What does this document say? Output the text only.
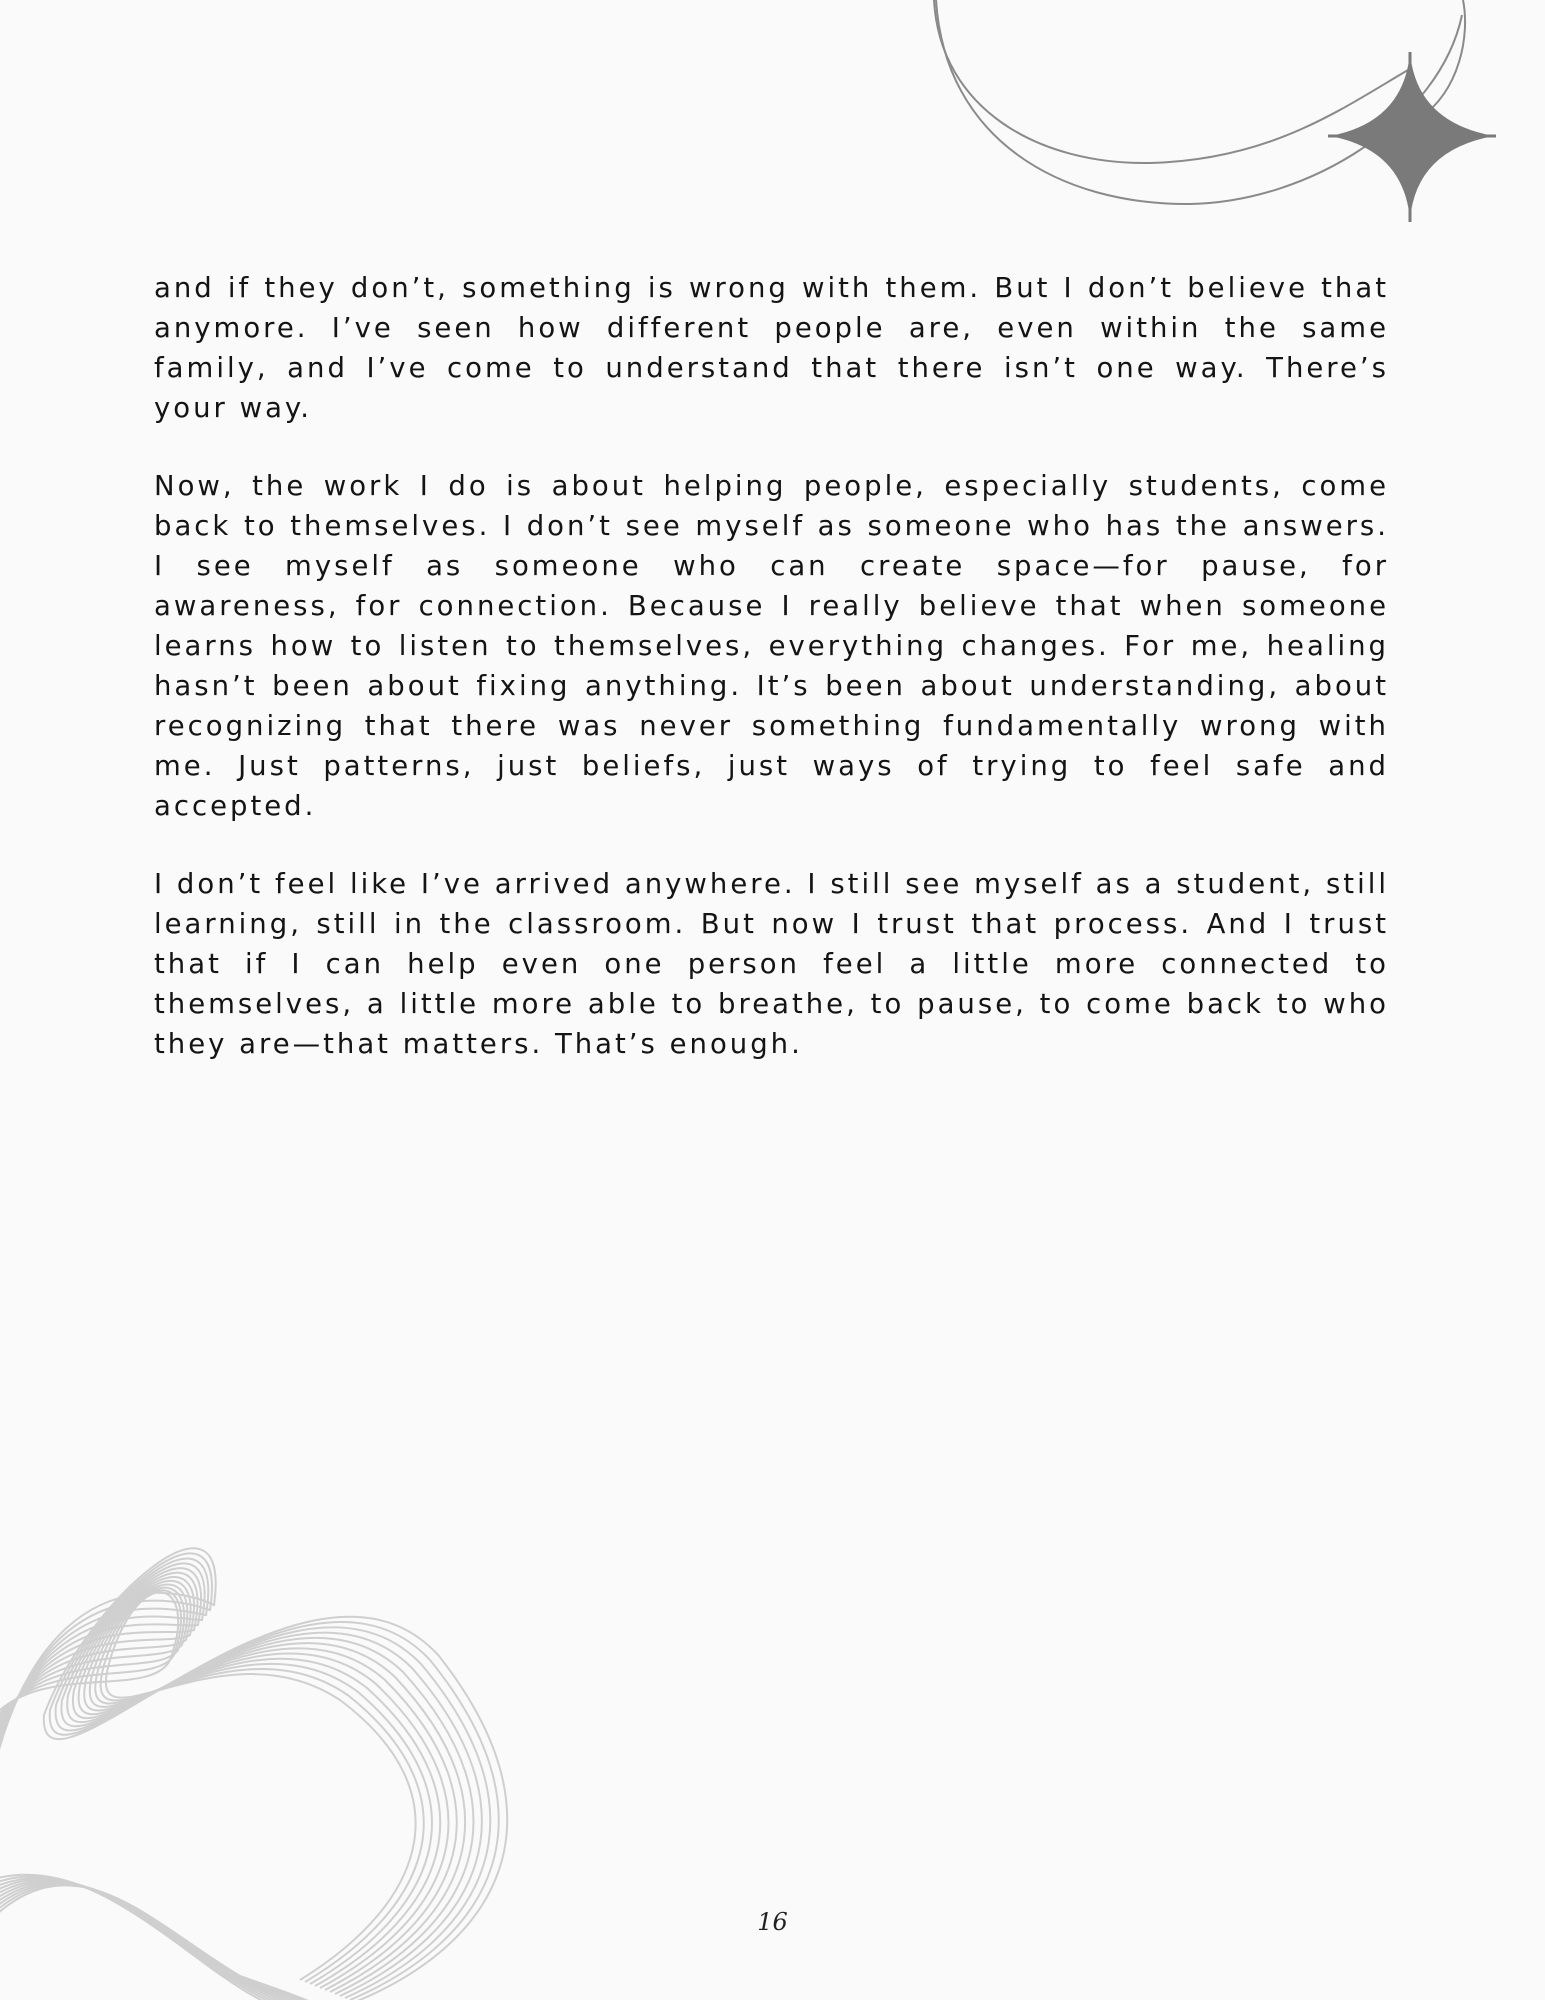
and if they don’t, something is wrong with them. But I don’t believe that anymore. I’ve seen how different people are, even within the same family, and I’ve come to understand that there isn’t one way. There’s your way.

Now, the work I do is about helping people, especially students, come back to themselves. I don’t see myself as someone who has the answers. I see myself as someone who can create space—for pause, for awareness, for connection. Because I really believe that when someone learns how to listen to themselves, everything changes. For me, healing hasn’t been about fixing anything. It’s been about understanding, about recognizing that there was never something fundamentally wrong with me. Just patterns, just beliefs, just ways of trying to feel safe and accepted.

I don’t feel like I’ve arrived anywhere. I still see myself as a student, still learning, still in the classroom. But now I trust that process. And I trust that if I can help even one person feel a little more connected to themselves, a little more able to breathe, to pause, to come back to who they are—that matters. That’s enough.

16
